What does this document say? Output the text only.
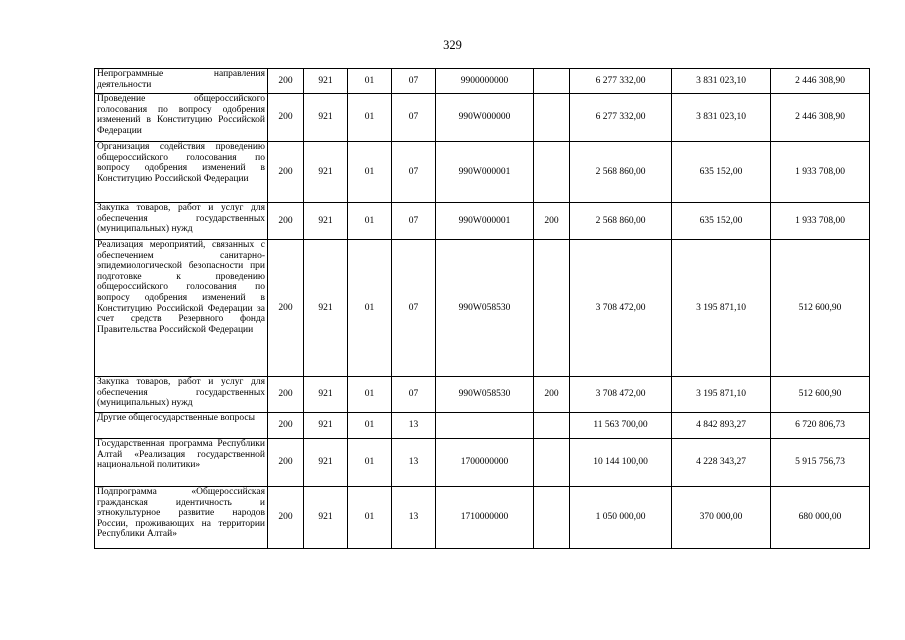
329
Непрограммные направления деятельности	200	921	01	07	9900000000		6 277 332,00	3 831 023,10	2 446 308,90
Проведение общероссийского голосования по вопросу одобрения изменений в Конституцию Российской Федерации	200	921	01	07	990W000000		6 277 332,00	3 831 023,10	2 446 308,90
Организация содействия проведению общероссийского голосования по вопросу одобрения изменений в Конституцию Российской Федерации	200	921	01	07	990W000001		2 568 860,00	635 152,00	1 933 708,00
Закупка товаров, работ и услуг для обеспечения государственных (муниципальных) нужд	200	921	01	07	990W000001	200	2 568 860,00	635 152,00	1 933 708,00
Реализация мероприятий, связанных с обеспечением санитарно-эпидемиологической безопасности при подготовке к проведению общероссийского голосования по вопросу одобрения изменений в Конституцию Российской Федерации за счет средств Резервного фонда Правительства Российской Федерации	200	921	01	07	990W058530		3 708 472,00	3 195 871,10	512 600,90
Закупка товаров, работ и услуг для обеспечения государственных (муниципальных) нужд	200	921	01	07	990W058530	200	3 708 472,00	3 195 871,10	512 600,90
Другие общегосударственные вопросы	200	921	01	13			11 563 700,00	4 842 893,27	6 720 806,73
Государственная программа Республики Алтай «Реализация государственной национальной политики»	200	921	01	13	1700000000		10 144 100,00	4 228 343,27	5 915 756,73
Подпрограмма «Общероссийская гражданская идентичность и этнокультурное развитие народов России, проживающих на территории Республики Алтай»	200	921	01	13	1710000000		1 050 000,00	370 000,00	680 000,00
